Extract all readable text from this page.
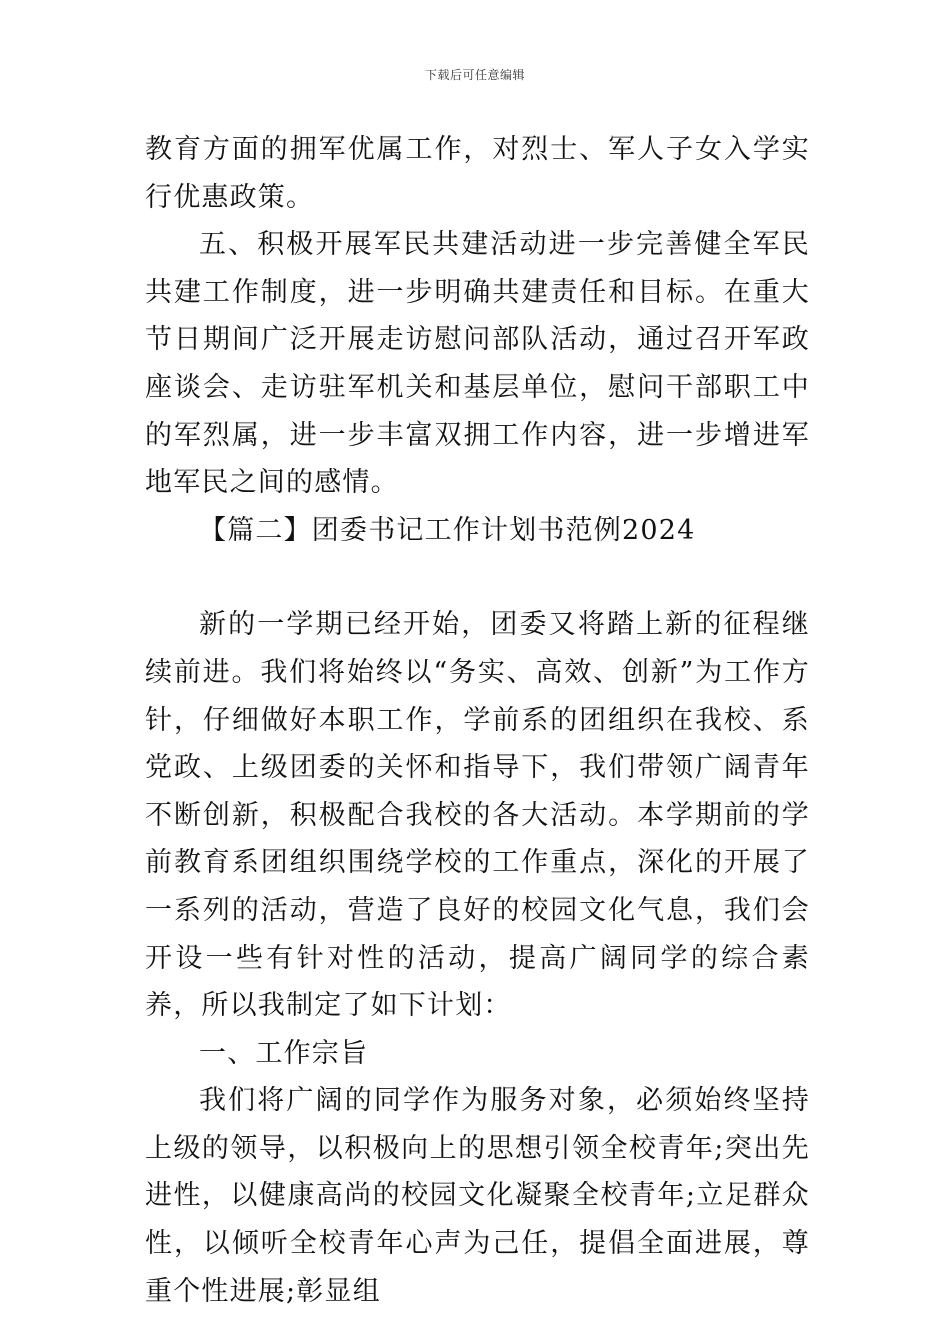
下载后可任意编辑

教育方面的拥军优属工作，对烈士、军人子女入学实行优惠政策。

五、积极开展军民共建活动进一步完善健全军民共建工作制度，进一步明确共建责任和目标。在重大节日期间广泛开展走访慰问部队活动，通过召开军政座谈会、走访驻军机关和基层单位，慰问干部职工中的军烈属，进一步丰富双拥工作内容，进一步增进军地军民之间的感情。

【篇二】团委书记工作计划书范例2024

新的一学期已经开始，团委又将踏上新的征程继续前进。我们将始终以“务实、高效、创新”为工作方针，仔细做好本职工作，学前系的团组织在我校、系党政、上级团委的关怀和指导下，我们带领广阔青年不断创新，积极配合我校的各大活动。本学期前的学前教育系团组织围绕学校的工作重点，深化的开展了一系列的活动，营造了良好的校园文化气息，我们会开设一些有针对性的活动，提高广阔同学的综合素养，所以我制定了如下计划：

一、工作宗旨

我们将广阔的同学作为服务对象，必须始终坚持上级的领导，以积极向上的思想引领全校青年;突出先进性，以健康高尚的校园文化凝聚全校青年;立足群众性，以倾听全校青年心声为己任，提倡全面进展，尊重个性进展;彰显组
